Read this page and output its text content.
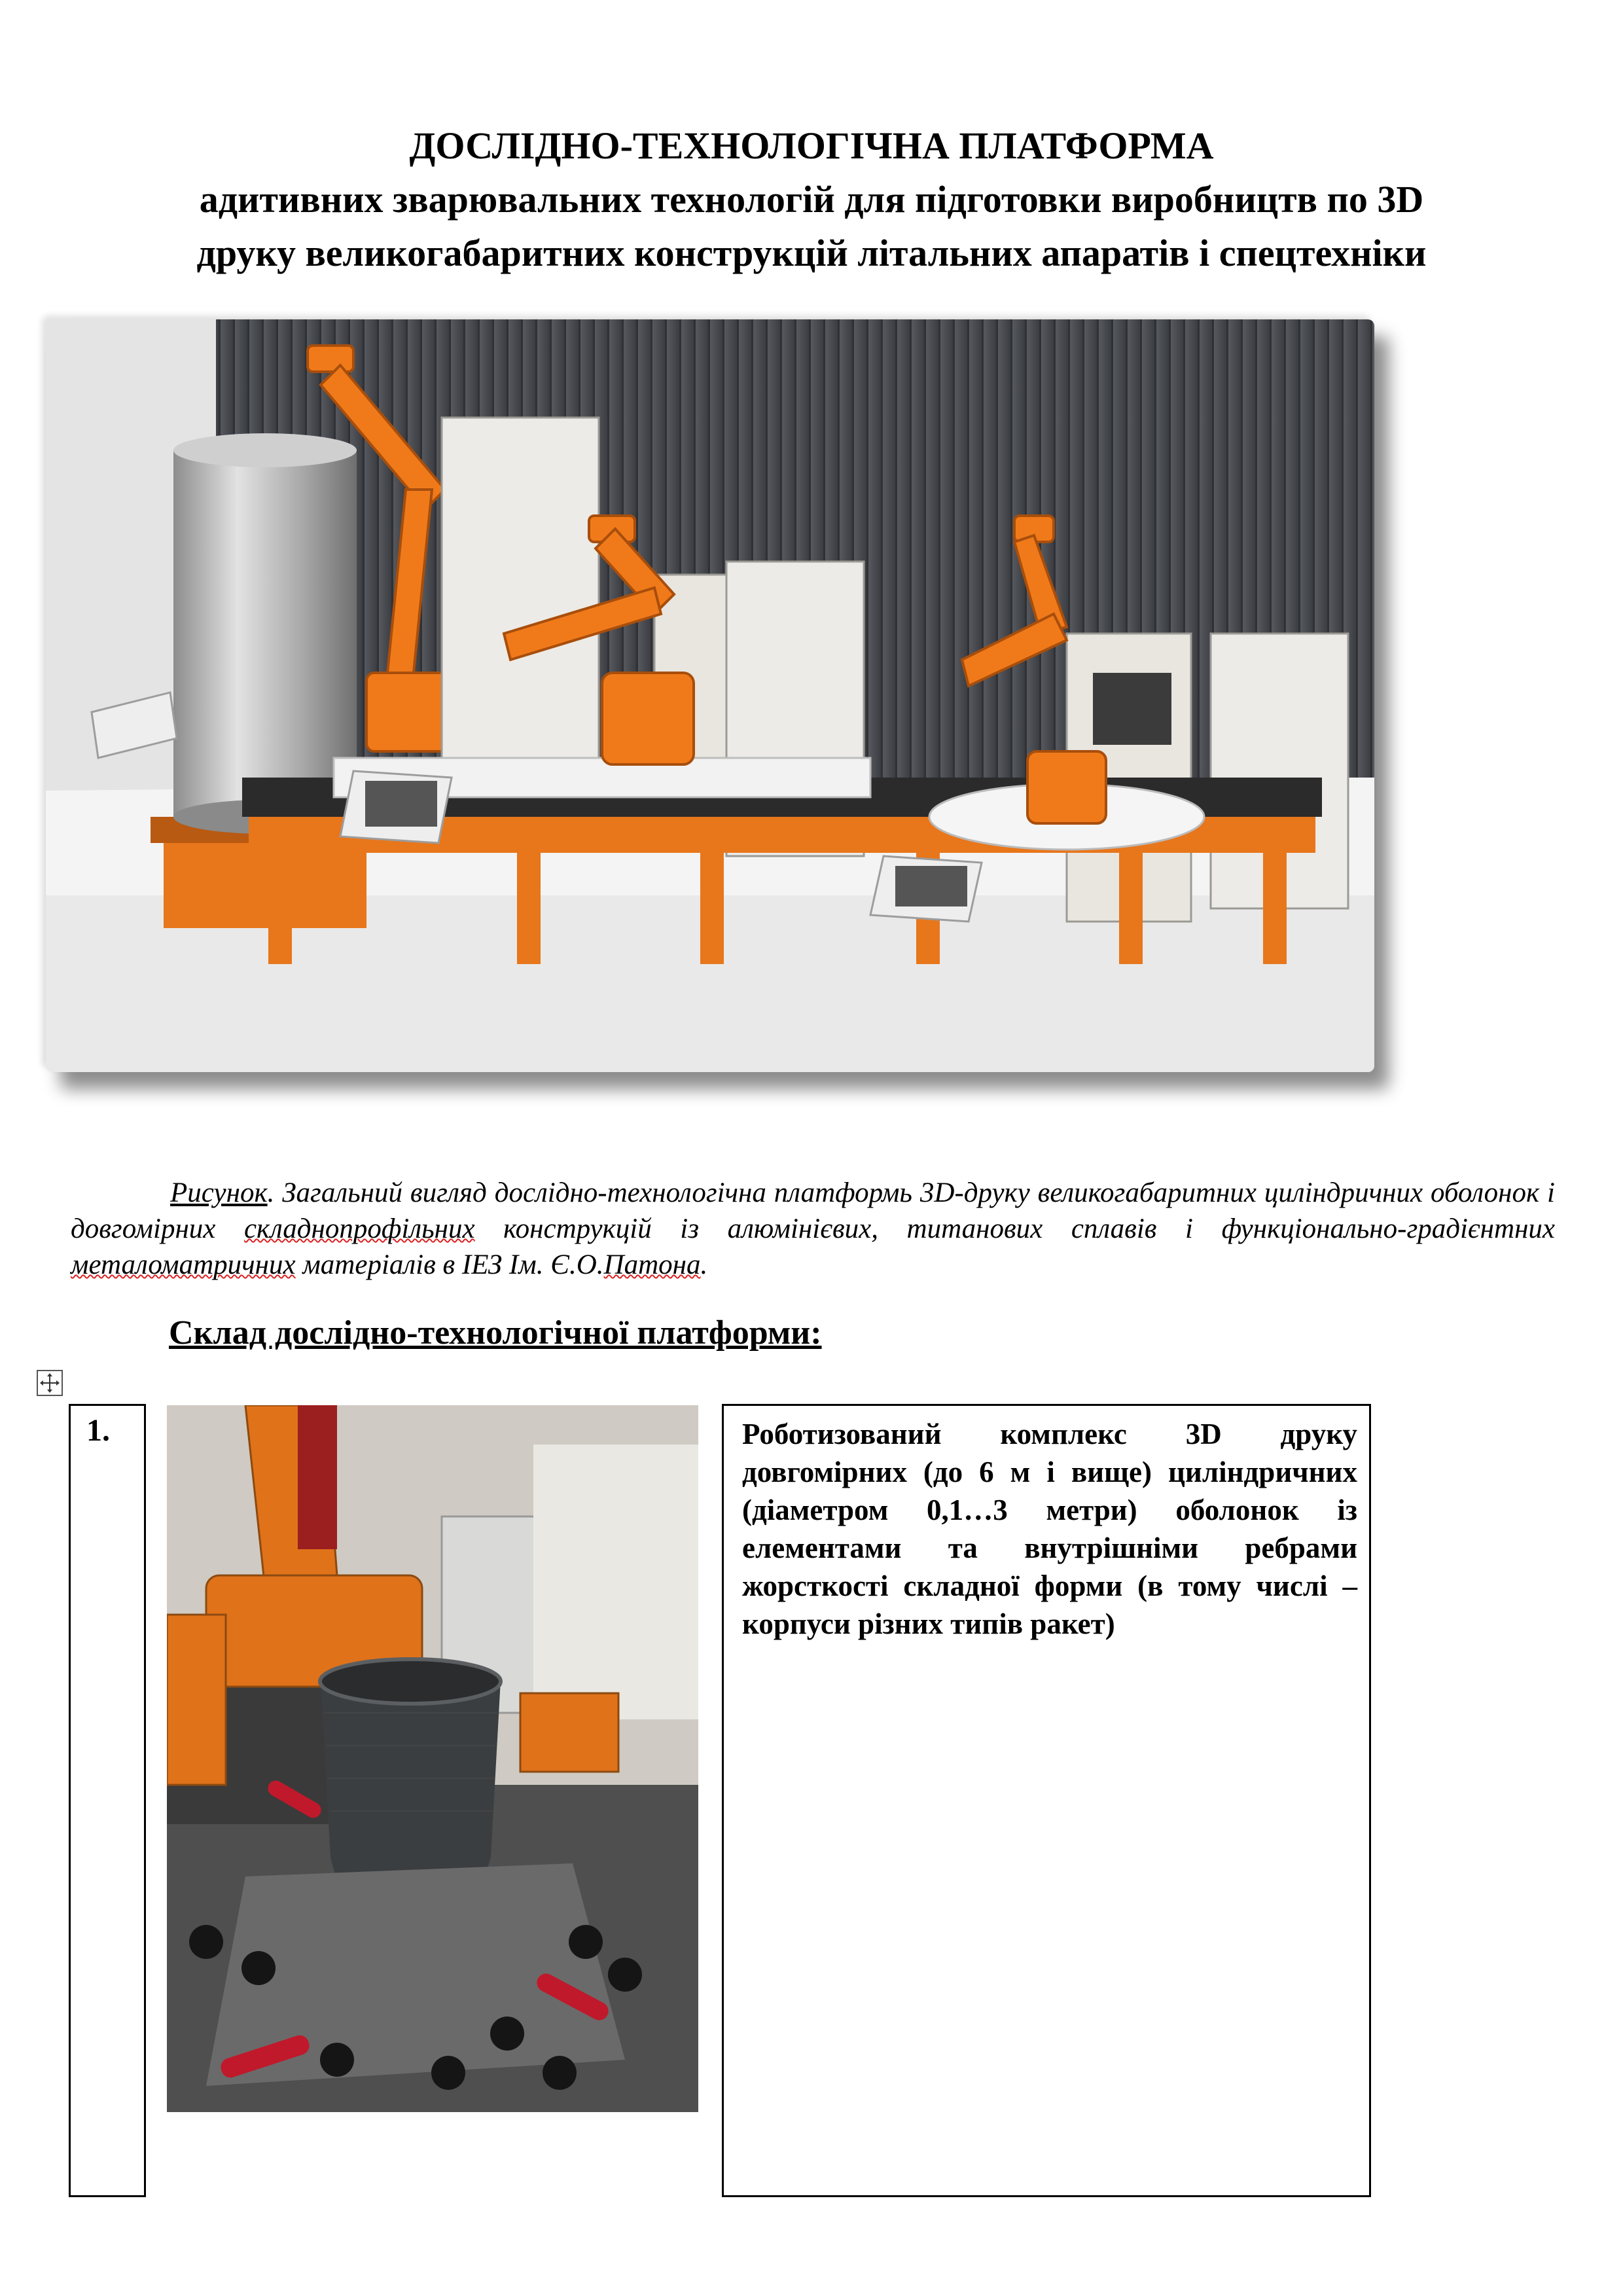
ДОСЛІДНО-ТЕХНОЛОГІЧНА ПЛАТФОРМА
адитивних зварювальних технологій для підготовки виробництв по 3D
друку великогабаритних конструкцій літальних апаратів і спецтехніки

Рисунок. Загальний вигляд дослідно-технологічна платформь 3D-друку великогабаритних циліндричних оболонок і довгомірних складнопрофільних конструкцій із алюмінієвих, титанових сплавів і функціонально-градієнтних металоматричних матеріалів в ІЕЗ Ім. Є.О.Патона.

Склад дослідно-технологічної платформи:
1.		Роботизований комплекс 3D друку довгомірних (до 6 м і вище) циліндричних (діаметром 0,1…3 метри) оболонок із елементами та внутрішніми ребрами жорсткості складної форми (в тому числі – корпуси різних типів ракет)
